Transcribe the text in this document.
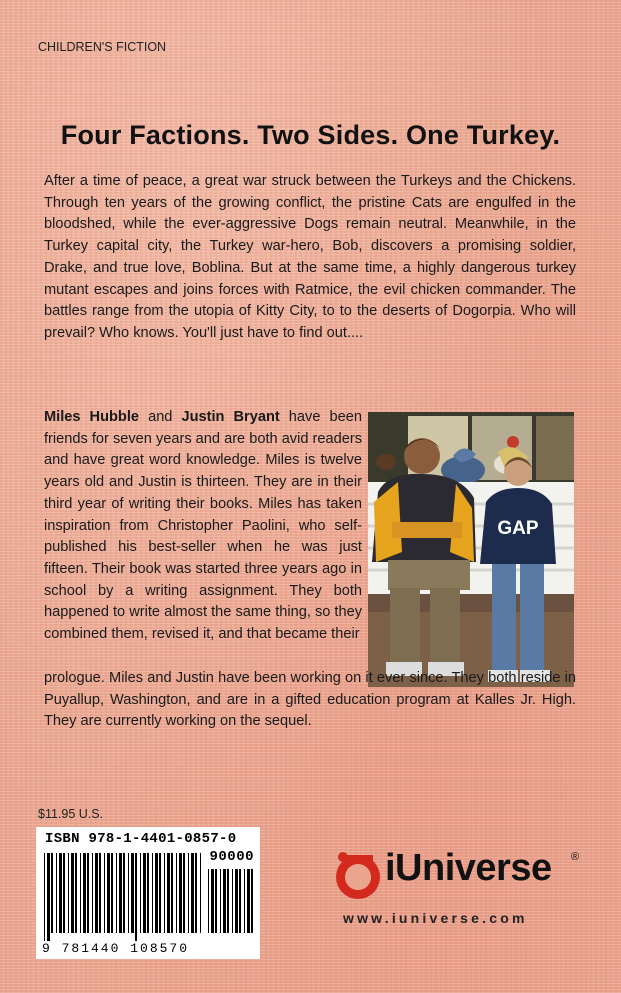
CHILDREN'S FICTION
Four Factions. Two Sides. One Turkey.

After a time of peace, a great war struck between the Turkeys and the Chickens. Through ten years of the growing conflict, the pristine Cats are engulfed in the bloodshed, while the ever-aggressive Dogs remain neutral. Meanwhile, in the Turkey capital city, the Turkey war-hero, Bob, discovers a promising soldier, Drake, and true love, Boblina. But at the same time, a highly dangerous turkey mutant escapes and joins forces with Ratmice, the evil chicken commander. The battles range from the utopia of Kitty City, to to the deserts of Dogorpia. Who will prevail? Who knows. You'll just have to find out....

Miles Hubble and Justin Bryant have been friends for seven years and are both avid readers and have great word knowledge. Miles is twelve years old and Justin is thirteen. They are in their third year of writing their books. Miles has taken inspiration from Christopher Paolini, who self-published his best-seller when he was just fifteen. Their book was started three years ago in school by a writing assignment. They both happened to write almost the same thing, so they combined them, revised it, and that became their

GAP

prologue. Miles and Justin have been working on it ever since. They both reside in Puyallup, Washington, and are in a gifted education program at Kalles Jr. High. They are currently working on the sequel.

$11.95 U.S.
ISBN 978-1-4401-0857-0
90000
9 781440 108570
iUniverse ®
www.iuniverse.com
